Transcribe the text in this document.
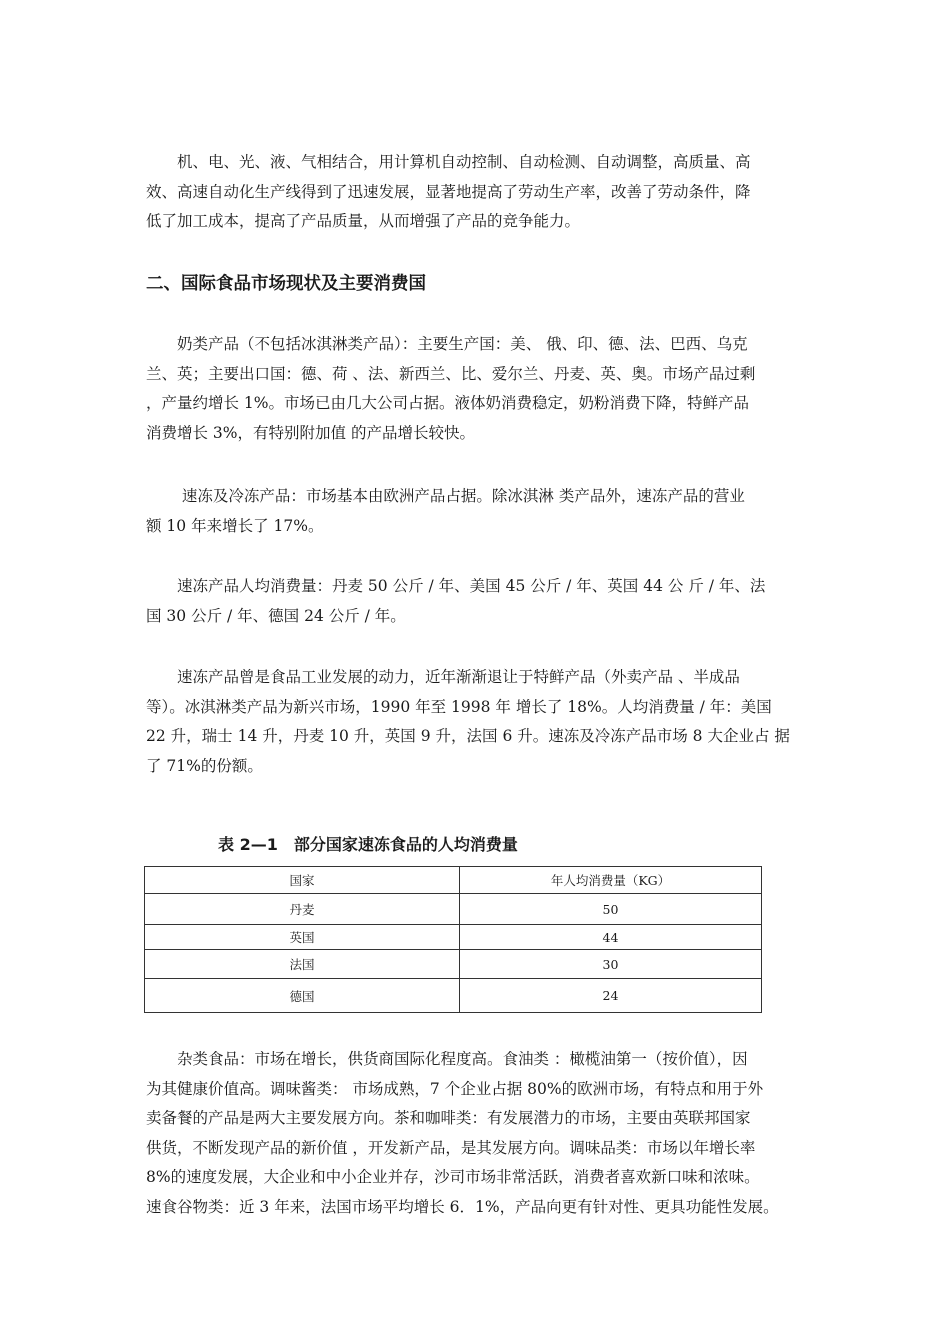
　　机、电、光、液、气相结合，用计算机自动控制、自动检测、自动调整，高质量、高
效、高速自动化生产线得到了迅速发展，显著地提高了劳动生产率，改善了劳动条件，降
低了加工成本，提高了产品质量，从而增强了产品的竞争能力。

二、国际食品市场现状及主要消费国

　　奶类产品（不包括冰淇淋类产品）：主要生产国：美、 俄、印、德、法、巴西、乌克
兰、英；主要出口国：德、荷 、法、新西兰、比、爱尔兰、丹麦、英、奥。市场产品过剩
，产量约增长 1%。市场已由几大公司占据。液体奶消费稳定，奶粉消费下降，特鲜产品
消费增长 3%，有特别附加值 的产品增长较快。

　　 速冻及冷冻产品：市场基本由欧洲产品占据。除冰淇淋 类产品外，速冻产品的营业
额 10 年来增长了 17%。

　　速冻产品人均消费量：丹麦 50 公斤 / 年、美国 45 公斤 / 年、英国 44 公 斤 / 年、法
国 30 公斤 / 年、德国 24 公斤 / 年。

　　速冻产品曾是食品工业发展的动力，近年渐渐退让于特鲜产品（外卖产品 、半成品
等）。冰淇淋类产品为新兴市场，1990 年至 1998 年 增长了 18%。人均消费量 / 年：美国
22 升，瑞士 14 升，丹麦 10 升，英国 9 升，法国 6 升。速冻及冷冻产品市场 8 大企业占 据
了 71%的份额。

表 2—1　部分国家速冻食品的人均消费量

国家	年人均消费量（KG）
丹麦	50
英国	44
法国	30
德国	24

　　杂类食品：市场在增长，供货商国际化程度高。食油类 ：橄榄油第一（按价值），因
为其健康价值高。调味酱类： 市场成熟，7 个企业占据 80%的欧洲市场，有特点和用于外
卖备餐的产品是两大主要发展方向。茶和咖啡类：有发展潜力的市场，主要由英联邦国家
供货，不断发现产品的新价值 ，开发新产品，是其发展方向。调味品类：市场以年增长率
8%的速度发展，大企业和中小企业并存，沙司市场非常活跃，消费者喜欢新口味和浓味。
速食谷物类：近 3 年来，法国市场平均增长 6．1%，产品向更有针对性、更具功能性发展。
